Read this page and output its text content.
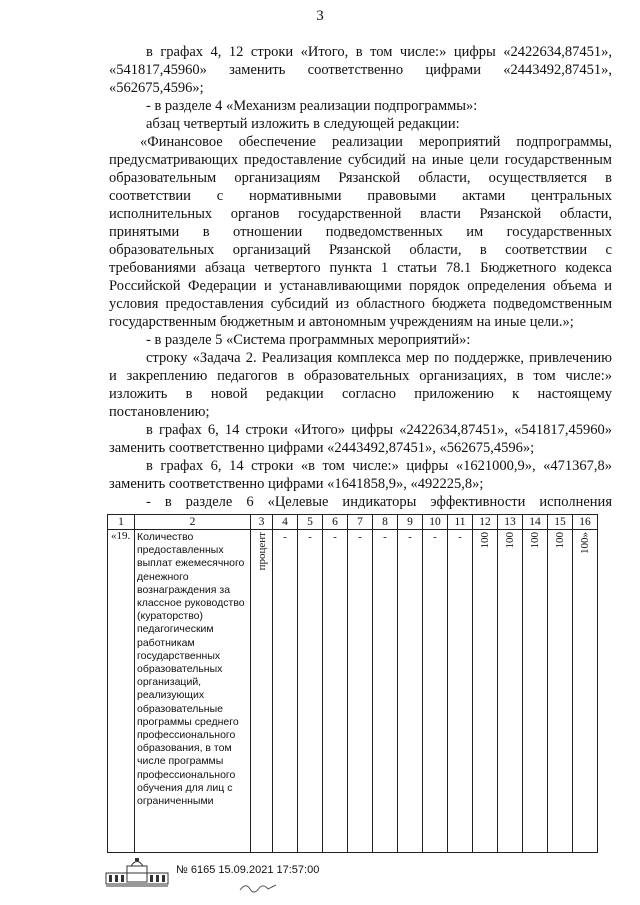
3
в графах 4, 12 строки «Итого, в том числе:» цифры «2422634,87451»,
«541817,45960» заменить соответственно цифрами «2443492,87451»,
«562675,4596»;
- в разделе 4 «Механизм реализации подпрограммы»:
абзац четвертый изложить в следующей редакции:
«Финансовое обеспечение реализации мероприятий подпрограммы,
предусматривающих предоставление субсидий на иные цели государственным
образовательным организациям Рязанской области, осуществляется в
соответствии с нормативными правовыми актами центральных
исполнительных органов государственной власти Рязанской области,
принятыми в отношении подведомственных им государственных
образовательных организаций Рязанской области, в соответствии с
требованиями абзаца четвертого пункта 1 статьи 78.1 Бюджетного кодекса
Российской Федерации и устанавливающими порядок определения объема и
условия предоставления субсидий из областного бюджета подведомственным
государственным бюджетным и автономным учреждениям на иные цели.»;
- в разделе 5 «Система программных мероприятий»:
строку «Задача 2. Реализация комплекса мер по поддержке, привлечению
и закреплению педагогов в образовательных организациях, в том числе:»
изложить в новой редакции согласно приложению к настоящему
постановлению;
в графах 6, 14 строки «Итого» цифры «2422634,87451», «541817,45960»
заменить соответственно цифрами «2443492,87451», «562675,4596»;
в графах 6, 14 строки «в том числе:» цифры «1621000,9», «471367,8»
заменить соответственно цифрами «1641858,9», «492225,8»;
- в разделе 6 «Целевые индикаторы эффективности исполнения
1	2	3	4	5	6	7	8	9	10	11	12	13	14	15	16
«19.	Количество предоставленных выплат ежемесячного денежного вознаграждения за классное руководство (кураторство) педагогическим работникам государственных образовательных организаций, реализующих образовательные программы среднего профессионального образования, в том числе программы профессионального обучения для лиц с ограниченными	процент	-	-	-	-	-	-	-	-	100	100	100	100	100»
№ 6165 15.09.2021 17:57:00
